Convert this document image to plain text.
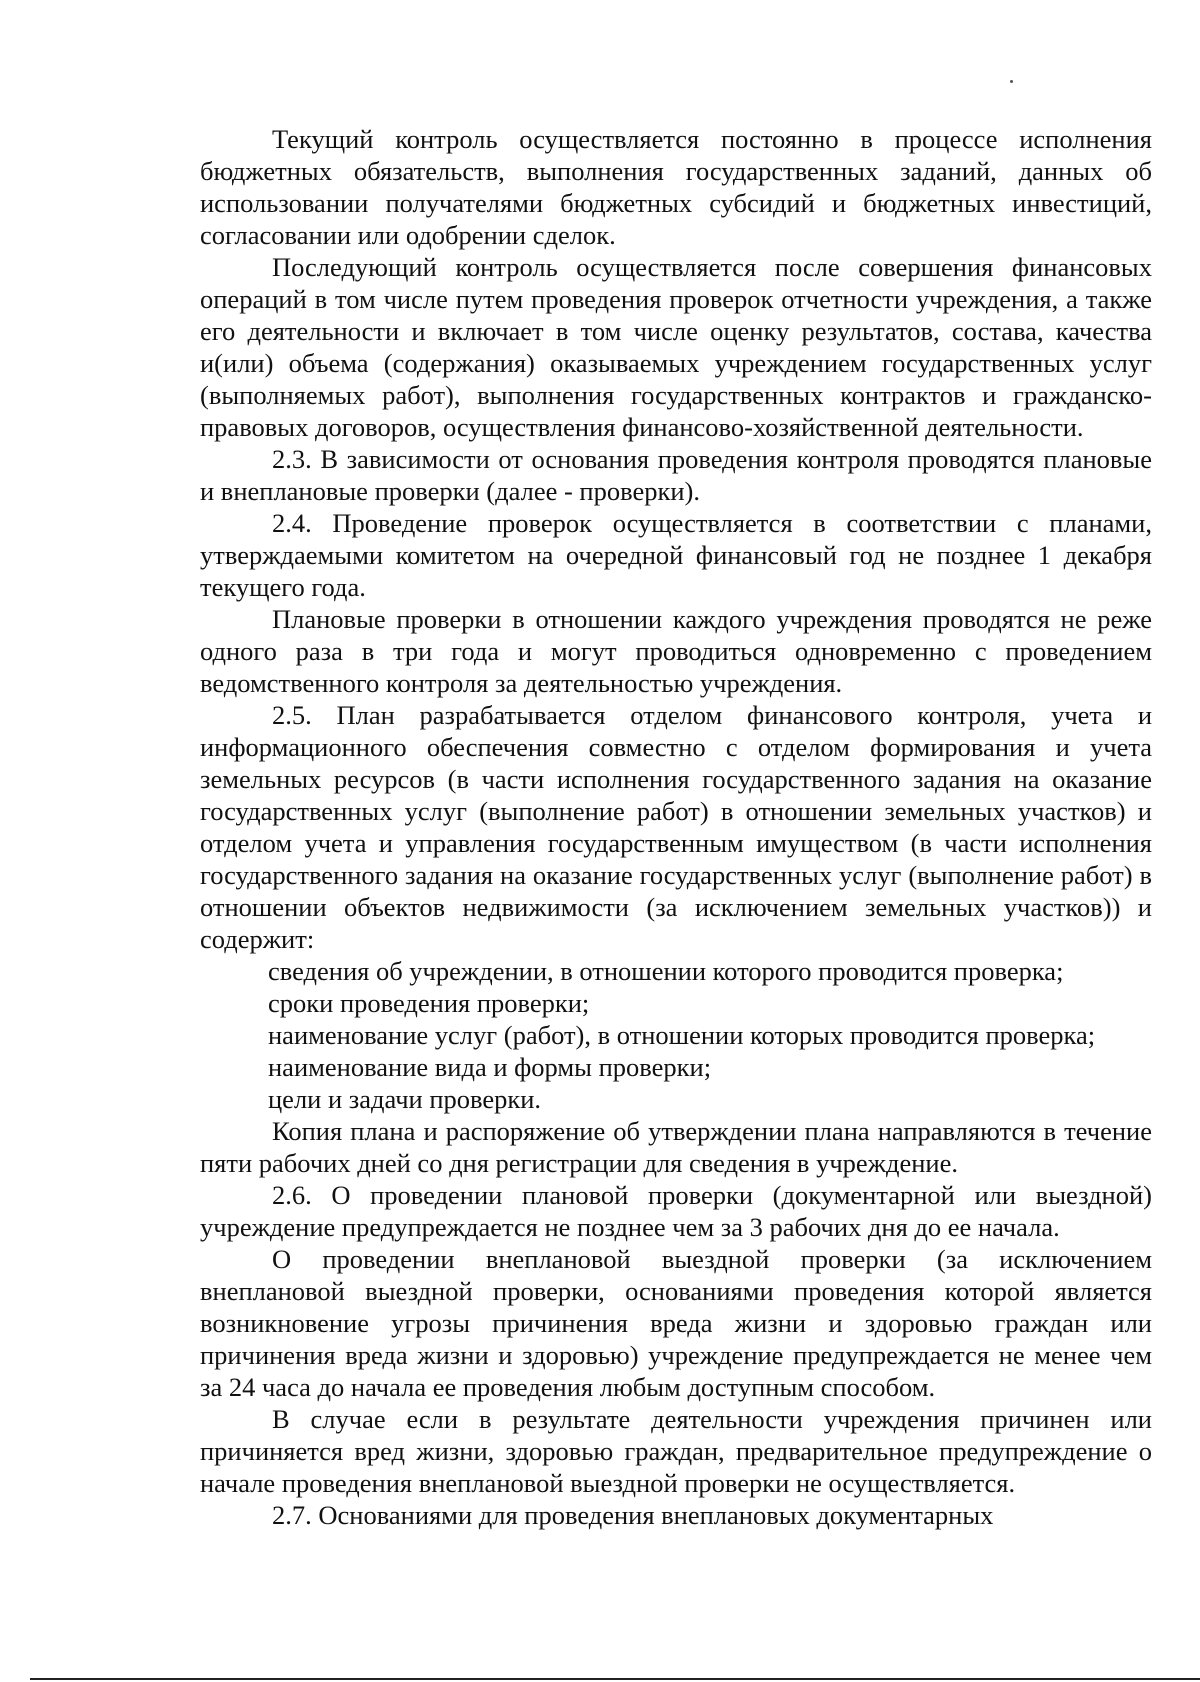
Текущий контроль осуществляется постоянно в процессе исполнения бюджетных обязательств, выполнения государственных заданий, данных об использовании получателями бюджетных субсидий и бюджетных инвестиций, согласовании или одобрении сделок.

Последующий контроль осуществляется после совершения финансовых операций в том числе путем проведения проверок отчетности учреждения, а также его деятельности и включает в том числе оценку результатов, состава, качества и(или) объема (содержания) оказываемых учреждением государственных услуг (выполняемых работ), выполнения государственных контрактов и гражданско-правовых договоров, осуществления финансово-хозяйственной деятельности.

2.3. В зависимости от основания проведения контроля проводятся плановые и внеплановые проверки (далее - проверки).

2.4. Проведение проверок осуществляется в соответствии с планами, утверждаемыми комитетом на очередной финансовый год не позднее 1 декабря текущего года.

Плановые проверки в отношении каждого учреждения проводятся не реже одного раза в три года и могут проводиться одновременно с проведением ведомственного контроля за деятельностью учреждения.

2.5. План разрабатывается отделом финансового контроля, учета и информационного обеспечения совместно с отделом формирования и учета земельных ресурсов (в части исполнения государственного задания на оказание государственных услуг (выполнение работ) в отношении земельных участков) и отделом учета и управления государственным имуществом (в части исполнения государственного задания на оказание государственных услуг (выполнение работ) в отношении объектов недвижимости (за исключением земельных участков)) и содержит:

сведения об учреждении, в отношении которого проводится проверка;

сроки проведения проверки;

наименование услуг (работ), в отношении которых проводится проверка;

наименование вида и формы проверки;

цели и задачи проверки.

Копия плана и распоряжение об утверждении плана направляются в течение пяти рабочих дней со дня регистрации для сведения в учреждение.

2.6. О проведении плановой проверки (документарной или выездной) учреждение предупреждается не позднее чем за 3 рабочих дня до ее начала.

О проведении внеплановой выездной проверки (за исключением внеплановой выездной проверки, основаниями проведения которой является возникновение угрозы причинения вреда жизни и здоровью граждан или причинения вреда жизни и здоровью) учреждение предупреждается не менее чем за 24 часа до начала ее проведения любым доступным способом.

В случае если в результате деятельности учреждения причинен или причиняется вред жизни, здоровью граждан, предварительное предупреждение о начале проведения внеплановой выездной проверки не осуществляется.

2.7. Основаниями для проведения внеплановых документарных
